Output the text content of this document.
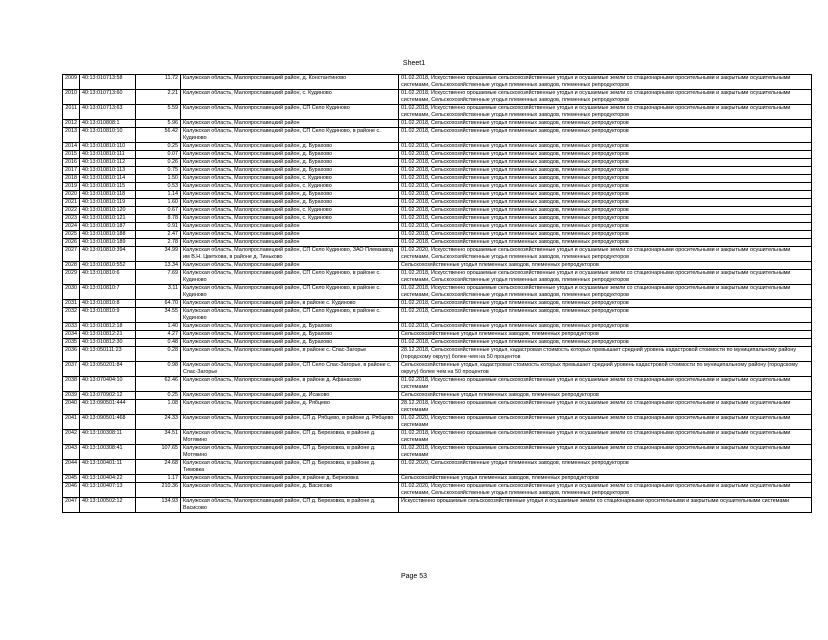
Sheet1
2009	40:13:010713:58	11.72	Калужская область, Малоярославецкий район, д. Константиново	01.02.2018, Искусственно орошаемые сельскохозяйственные угодья и осушаемые земли со стационарными оросительными и закрытыми осушительными системами, Сельскохозяйственные угодья племенных заводов, племенных репродукторов
2010	40:13:010713:60	2.21	Калужская область, Малоярославецкий район, с. Кудиново	01.02.2018, Искусственно орошаемые сельскохозяйственные угодья и осушаемые земли со стационарными оросительными и закрытыми осушительными системами, Сельскохозяйственные угодья племенных заводов, племенных репродукторов
2011	40:13:010713:63	5.59	Калужская область, Малоярославецкий район, СП Село Кудиново	01.02.2018, Искусственно орошаемые сельскохозяйственные угодья и осушаемые земли со стационарными оросительными и закрытыми осушительными системами, Сельскохозяйственные угодья племенных заводов, племенных репродукторов
2012	40:13:010808:1	5.96	Калужская область, Малоярославецкий район	01.02.2018, Сельскохозяйственные угодья племенных заводов, племенных репродукторов
2013	40:13:010810:10	56.42	Калужская область, Малоярославецкий район, СП Село Кудиново, в районе с. Кудиново	01.02.2018, Сельскохозяйственные угодья племенных заводов, племенных репродукторов
2014	40:13:010810:110	0.25	Калужская область, Малоярославецкий район, д. Бурахово	01.02.2018, Сельскохозяйственные угодья племенных заводов, племенных репродукторов
2015	40:13:010810:111	0.07	Калужская область, Малоярославецкий район, д. Бурахово	01.02.2018, Сельскохозяйственные угодья племенных заводов, племенных репродукторов
2016	40:13:010810:112	0.26	Калужская область, Малоярославецкий район, д. Бурахово	01.02.2018, Сельскохозяйственные угодья племенных заводов, племенных репродукторов
2017	40:13:010810:113	0.75	Калужская область, Малоярославецкий район, д. Бурахово	01.02.2018, Сельскохозяйственные угодья племенных заводов, племенных репродукторов
2018	40:13:010810:114	1.50	Калужская область, Малоярославецкий район, с. Кудиново	01.02.2018, Сельскохозяйственные угодья племенных заводов, племенных репродукторов
2019	40:13:010810:115	0.53	Калужская область, Малоярославецкий район, с. Кудиново	01.02.2018, Сельскохозяйственные угодья племенных заводов, племенных репродукторов
2020	40:13:010810:118	1.14	Калужская область, Малоярославецкий район, д. Бурахово	01.02.2018, Сельскохозяйственные угодья племенных заводов, племенных репродукторов
2021	40:13:010810:119	1.60	Калужская область, Малоярославецкий район, д. Бурахово	01.02.2018, Сельскохозяйственные угодья племенных заводов, племенных репродукторов
2022	40:13:010810:120	0.67	Калужская область, Малоярославецкий район, с. Кудиново	01.02.2018, Сельскохозяйственные угодья племенных заводов, племенных репродукторов
2023	40:13:010810:121	8.78	Калужская область, Малоярославецкий район, с. Кудиново	01.02.2018, Сельскохозяйственные угодья племенных заводов, племенных репродукторов
2024	40:13:010810:187	0.91	Калужская область, Малоярославецкий район	01.02.2018, Сельскохозяйственные угодья племенных заводов, племенных репродукторов
2025	40:13:010810:188	2.47	Калужская область, Малоярославецкий район	01.02.2018, Сельскохозяйственные угодья племенных заводов, племенных репродукторов
2026	40:13:010810:189	2.78	Калужская область, Малоярославецкий район	01.02.2018, Сельскохозяйственные угодья племенных заводов, племенных репродукторов
2027	40:13:010810:394	34.99	Калужская область, Малоярославецкий район, СП Село Кудиново, ЗАО Племзавод им В.Н. Цветкова, в районе д. Тиньково	01.02.2020, Искусственно орошаемые сельскохозяйственные угодья и осушаемые земли со стационарными оросительными и закрытыми осушительными системами, Сельскохозяйственные угодья племенных заводов, племенных репродукторов
2028	40:13:010810:552	13.34	Калужская область, Малоярославецкий район	Сельскохозяйственные угодья племенных заводов, племенных репродукторов
2029	40:13:010810:6	7.69	Калужская область, Малоярославецкий район, СП Село Кудиново, в районе с. Кудиново	01.02.2018, Искусственно орошаемые сельскохозяйственные угодья и осушаемые земли со стационарными оросительными и закрытыми осушительными системами, Сельскохозяйственные угодья племенных заводов, племенных репродукторов
2030	40:13:010810:7	3.11	Калужская область, Малоярославецкий район, СП Село Кудиново, в районе с. Кудиново	01.02.2018, Искусственно орошаемые сельскохозяйственные угодья и осушаемые земли со стационарными оросительными и закрытыми осушительными системами, Сельскохозяйственные угодья племенных заводов, племенных репродукторов
2031	40:13:010810:8	64.70	Калужская область, Малоярославецкий район, в районе с. Кудиново	01.02.2018, Сельскохозяйственные угодья племенных заводов, племенных репродукторов
2032	40:13:010810:9	34.55	Калужская область, Малоярославецкий район, СП Село Кудиново, в районе с. Кудиново	01.02.2018, Сельскохозяйственные угодья племенных заводов, племенных репродукторов
2033	40:13:010812:18	1.40	Калужская область, Малоярославецкий район, д. Бурахово	01.02.2018, Сельскохозяйственные угодья племенных заводов, племенных репродукторов
2034	40:13:010812:21	4.27	Калужская область, Малоярославецкий район, д. Бурахово	Сельскохозяйственные угодья племенных заводов, племенных репродукторов
2035	40:13:010812:30	0.48	Калужская область, Малоярославецкий район, д. Бурахово	01.02.2018, Сельскохозяйственные угодья племенных заводов, племенных репродукторов
2036	40:13:050111:23	0.28	Калужская область, Малоярославецкий район, в районе с. Спас-Загорье	28.12.2018, Сельскохозяйственные угодья, кадастровая стоимость которых превышает средний уровень кадастровой стоимости по муниципальному району (городскому округу) более чем на 50 процентов
2037	40:13:050201:84	0.98	Калужская область, Малоярославецкий район, СП Село Спас-Загорье, в районе с. Спас-Загорье	Сельскохозяйственные угодья, кадастровая стоимость которых превышает средний уровень кадастровой стоимости по муниципальному району (городскому округу) более чем на 50 процентов
2038	40:13:070404:10	62.46	Калужская область, Малоярославецкий район, в районе д. Афанасово	01.02.2018, Искусственно орошаемые сельскохозяйственные угодья и осушаемые земли со стационарными оросительными и закрытыми осушительными системами
2039	40:13:070902:12	0.25	Калужская область, Малоярославецкий район, д. Исаково	Сельскохозяйственные угодья племенных заводов, племенных репродукторов
2040	40:13:090501:444	1.08	Калужская область, Малоярославецкий район, д. Рябцево	28.12.2018, Искусственно орошаемые сельскохозяйственные угодья и осушаемые земли со стационарными оросительными и закрытыми осушительными системами
2041	40:13:090501:468	24.33	Калужская область, Малоярославецкий район, СП д. Рябцево, в районе д. Рябцево	01.02.2020, Искусственно орошаемые сельскохозяйственные угодья и осушаемые земли со стационарными оросительными и закрытыми осушительными системами
2042	40:13:100308:11	34.51	Калужская область, Малоярославецкий район, СП д. Березовка, в районе д. Мотякино	01.02.2018, Искусственно орошаемые сельскохозяйственные угодья и осушаемые земли со стационарными оросительными и закрытыми осушительными системами
2043	40:13:100308:41	107.65	Калужская область, Малоярославецкий район, СП д. Березовка, в районе д. Мотякино	01.02.2018, Искусственно орошаемые сельскохозяйственные угодья и осушаемые земли со стационарными оросительными и закрытыми осушительными системами
2044	40:13:100401:11	24.68	Калужская область, Малоярославецкий район, СП д. Березовка, в районе д. Тимовка	01.02.2020, Сельскохозяйственные угодья племенных заводов, племенных репродукторов
2045	40:13:100404:22	1.17	Калужская область, Малоярославецкий район, в районе д. Березовка	Сельскохозяйственные угодья племенных заводов, племенных репродукторов
2046	40:13:100407:13	210.36	Калужская область, Малоярославецкий район, д. Васисово	01.02.2020, Искусственно орошаемые сельскохозяйственные угодья и осушаемые земли со стационарными оросительными и закрытыми осушительными системами, Сельскохозяйственные угодья племенных заводов, племенных репродукторов
2047	40:13:100502:12	134.93	Калужская область, Малоярославецкий район, СП д. Березовка, в районе д. Васисово	Искусственно орошаемые сельскохозяйственные угодья и осушаемые земли со стационарными оросительными и закрытыми осушительными системами
Page 53
